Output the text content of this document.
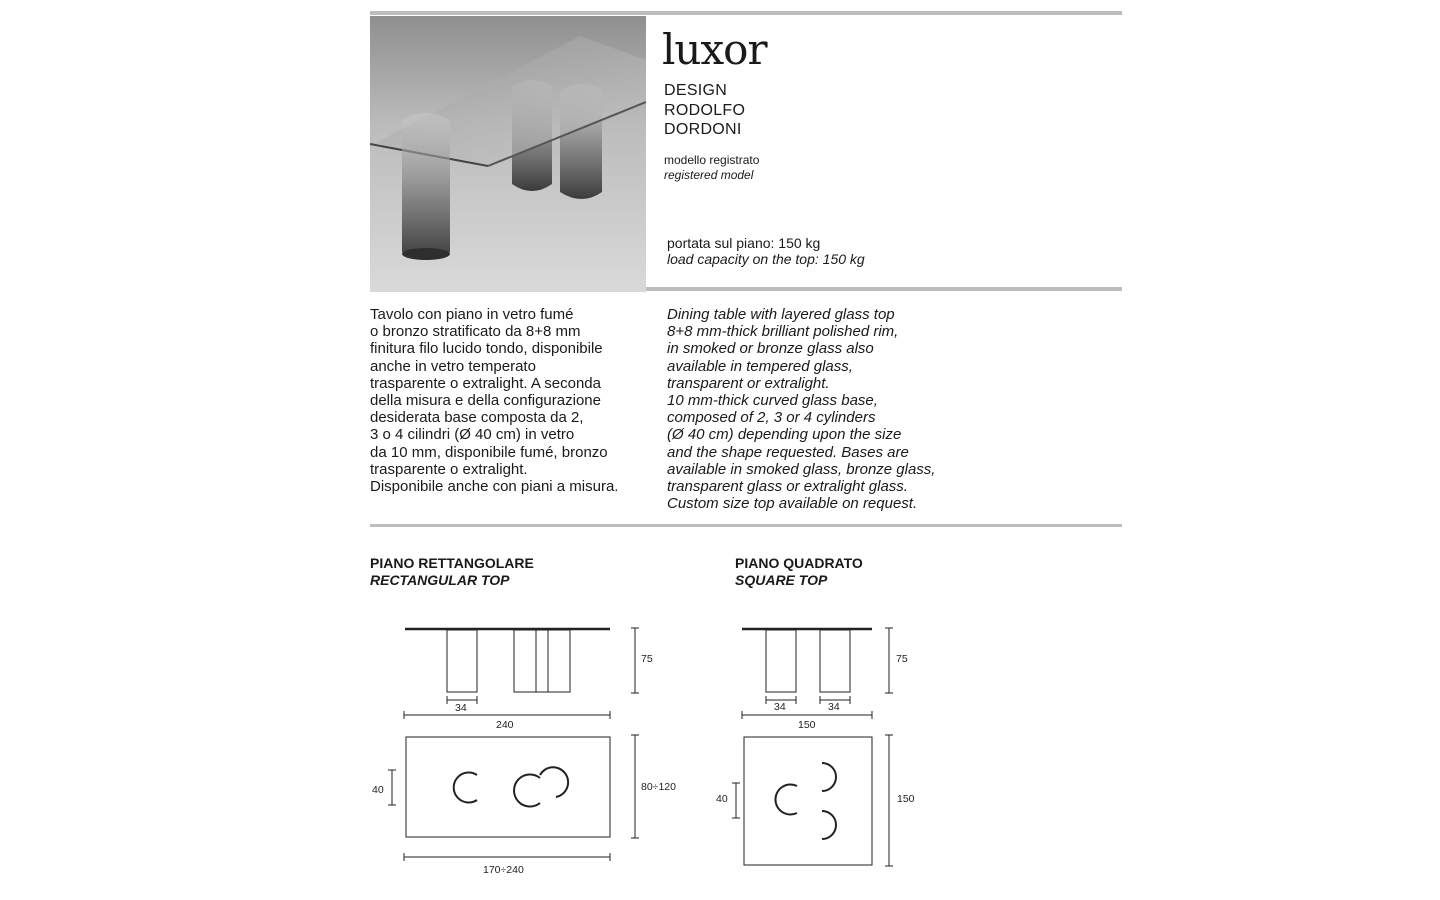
luxor
DESIGN
RODOLFO
DORDONI
modello registrato
registered model
portata sul piano: 150 kg
load capacity on the top: 150 kg
Tavolo con piano in vetro fumé
o bronzo stratificato da 8+8 mm
finitura filo lucido tondo, disponibile
anche in vetro temperato
trasparente o extralight. A seconda
della misura e della configurazione
desiderata base composta da 2,
3 o 4 cilindri (Ø 40 cm) in vetro
da 10 mm, disponibile fumé, bronzo
trasparente o extralight.
Disponibile anche con piani a misura.
Dining table with layered glass top
8+8 mm-thick brilliant polished rim,
in smoked or bronze glass also
available in tempered glass,
transparent or extralight.
10 mm-thick curved glass base,
composed of 2, 3 or 4 cylinders
(Ø 40 cm) depending upon the size
and the shape requested. Bases are
available in smoked glass, bronze glass,
transparent glass or extralight glass.
Custom size top available on request.
PIANO RETTANGOLARE
RECTANGULAR TOP
PIANO QUADRATO
SQUARE TOP
75
34
240
40	80÷120
170÷240
75
34	34
150
40	150
